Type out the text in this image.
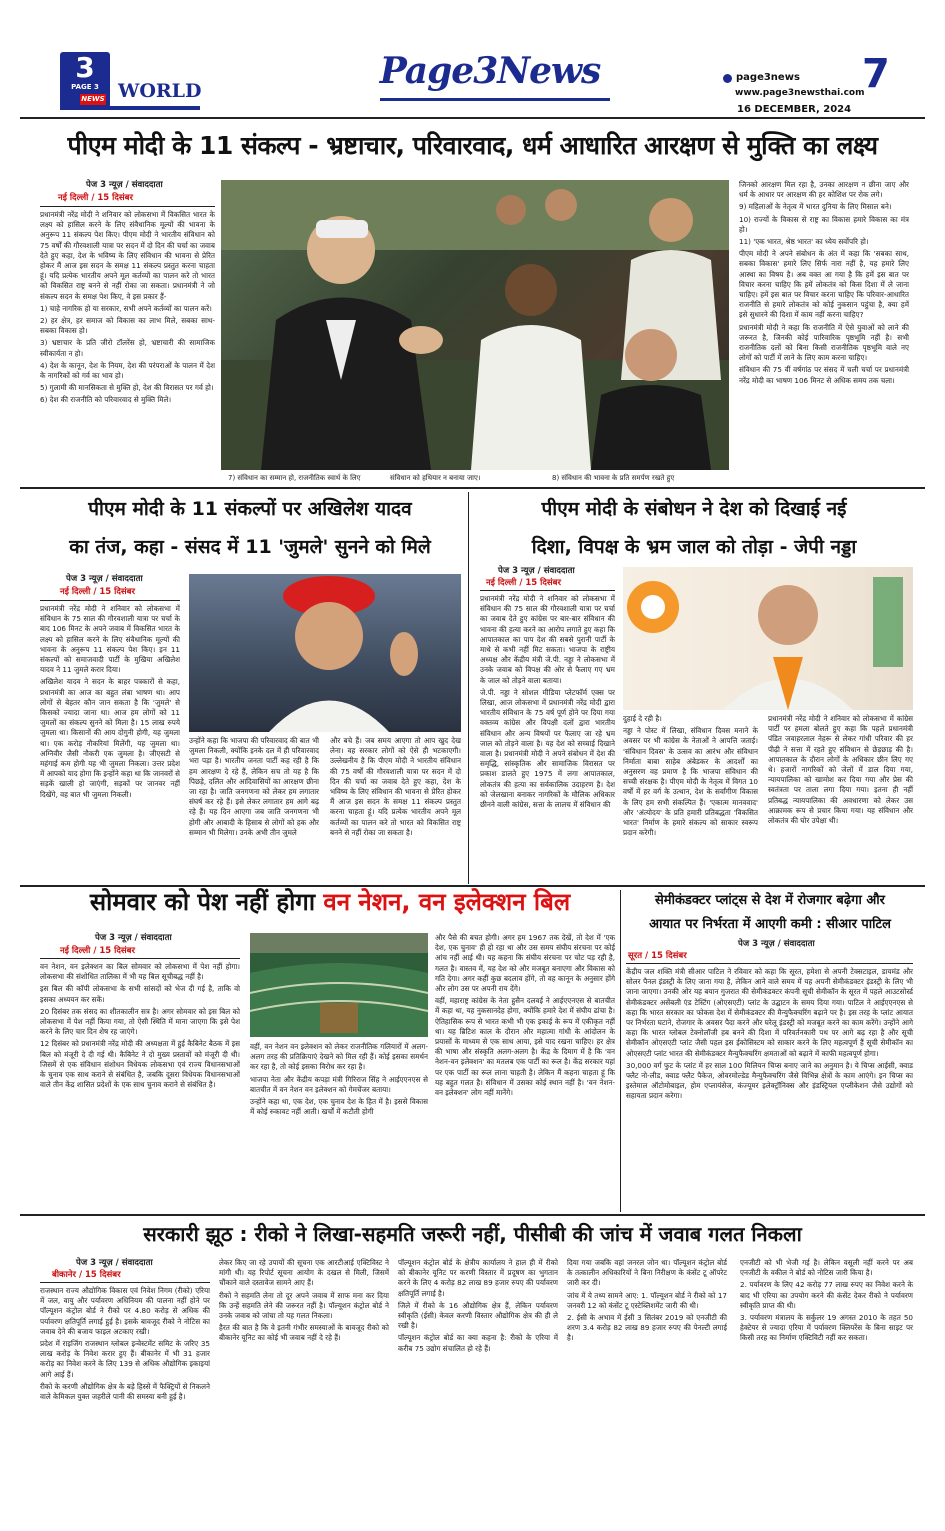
3
PAGE 3
NEWS WORLD	Page3News	page3news
www.page3newsthai.com
7
16 DECEMBER, 2024
पीएम मोदी के 11 संकल्प - भ्रष्टाचार, परिवारवाद, धर्म आधारित आरक्षण से मुक्ति का लक्ष्य
पेज 3 न्यूज़ / संवाददाता
नई दिल्ली / 15 दिसंबर

प्रधानमंत्री नरेंद्र मोदी ने शनिवार को लोकसभा में विकसित भारत के लक्ष्य को हासिल करने के लिए संवैधानिक मूल्यों की भावना के अनुरूप 11 संकल्प पेश किए। पीएम मोदी ने भारतीय संविधान को 75 वर्षों की गौरवशाली यात्रा पर सदन में दो दिन की चर्चा का जवाब देते हुए कहा, देश के भविष्य के लिए संविधान की भावना से प्रेरित होकर मैं आज इस सदन के समक्ष 11 संकल्प प्रस्तुत करना चाहता हूं। यदि प्रत्येक भारतीय अपने मूल कर्तव्यों का पालन करे तो भारत को विकसित राष्ट्र बनने से नहीं रोका जा सकता। प्रधानमंत्री ने जो संकल्प सदन के समक्ष पेश किए, वे इस प्रकार हैं-

1) चाहे नागरिक हो या सरकार, सभी अपने कर्तव्यों का पालन करें।

2) हर क्षेत्र, हर समाज को विकास का लाभ मिले, सबका साथ-सबका विकास हो।

3) भ्रष्टाचार के प्रति जीरो टॉलरेंस हो, भ्रष्टाचारी की सामाजिक स्वीकार्यता न हो।

4) देश के कानून, देश के नियम, देश की परंपराओं के पालन में देश के नागरिकों को गर्व का भाव हो।

5) गुलामी की मानसिकता से मुक्ति हो, देश की विरासत पर गर्व हो।

6) देश की राजनीति को परिवारवाद से मुक्ति मिले।

7) संविधान का सम्मान हो, राजनीतिक स्वार्थ के लिए	संविधान को हथियार न बनाया जाए।	8) संविधान की भावना के प्रति समर्पण रखते हुए

जिनको आरक्षण मिल रहा है, उनका आरक्षण न छीना जाए और धर्म के आधार पर आरक्षण की हर कोशिश पर रोक लगे।

9) महिलाओं के नेतृत्व में भारत दुनिया के लिए मिसाल बने।

10) राज्यों के विकास से राष्ट्र का विकास हमारे विकास का मंत्र हो।

11) 'एक भारत, श्रेष्ठ भारत' का ध्येय सर्वोपरि हो।

पीएम मोदी ने अपने संबोधन के अंत में कहा कि 'सबका साथ, सबका विकास' हमारे लिए सिर्फ नारा नहीं है, यह हमारे लिए आस्था का विषय है। अब वक्त आ गया है कि हमें इस बात पर विचार करना चाहिए कि हमें लोकतंत्र को किस दिशा में ले जाना चाहिए। हमें इस बात पर विचार करना चाहिए कि परिवार-आधारित राजनीति से हमारे लोकतंत्र को कोई नुकसान पहुंचा है, क्या हमें इसे सुधारने की दिशा में काम नहीं करना चाहिए?

प्रधानमंत्री मोदी ने कहा कि राजनीति में ऐसे युवाओं को लाने की जरूरत है, जिनकी कोई पारिवारिक पृष्ठभूमि नहीं है। सभी राजनीतिक दलों को बिना किसी राजनीतिक पृष्ठभूमि वाले नए लोगों को पार्टी में लाने के लिए काम करना चाहिए।

संविधान की 75 वीं वर्षगांठ पर संसद में चली चर्चा पर प्रधानमंत्री नरेंद्र मोदी का भाषण 106 मिनट से अधिक समय तक चला।

पीएम मोदी के 11 संकल्पों पर अखिलेश यादव
का तंज, कहा - संसद में 11 'जुमले' सुनने को मिले
पेज 3 न्यूज़ / संवाददाता
नई दिल्ली / 15 दिसंबर

प्रधानमंत्री नरेंद्र मोदी ने शनिवार को लोकसभा में संविधान के 75 साल की गौरवशाली यात्रा पर चर्चा के बाद 106 मिनट के अपने जवाब में विकसित भारत के लक्ष्य को हासिल करने के लिए संवैधानिक मूल्यों की भावना के अनुरूप 11 संकल्प पेश किए। इन 11 संकल्पों को समाजवादी पार्टी के मुखिया अखिलेश यादव ने 11 जुमले करार दिया।

अखिलेश यादव ने सदन के बाहर पत्रकारों से कहा, प्रधानमंत्री का आज का बहुत लंबा भाषण था। आप लोगों से बेहतर कौन जान सकता है कि 'जुमले' से किसको ज्यादा जाना था। आज हम लोगों को 11 जुमलों का संकल्प सुनने को मिला है। 15 लाख रुपये जुमला था। किसानों की आय दोगुनी होगी, यह जुमला था। एक करोड़ नौकरियां मिलेंगी, यह जुमला था। अग्निवीर जैसी नौकरी एक जुमला है। जीएसटी से महंगाई कम होगी यह भी जुमला निकला। उत्तर प्रदेश में आपको याद होगा कि इन्होंने कहा था कि जानवरों से सड़कें खाली हो जाएंगी, सड़कों पर जानवर नहीं दिखेंगे, वह बात भी जुमला निकली।

उन्होंने कहा कि भाजपा की परिवारवाद की बात भी जुमला निकली, क्योंकि इनके दल में ही परिवारवाद भरा पड़ा है। भारतीय जनता पार्टी कह रही है कि हम आरक्षण दे रहे हैं, लेकिन सच तो यह है कि पिछड़े, दलित और आदिवासियों का आरक्षण छीना जा रहा है। जाति जनगणना को लेकर हम लगातार संघर्ष कर रहे हैं। इसे लेकर लगातार हम आगे बढ़ रहे हैं। यह दिन आएगा जब जाति जनगणना भी होगी और आबादी के हिसाब से लोगों को हक और सम्मान भी मिलेगा। उनके अभी तीन जुमले

और बचे हैं। जब समय आएगा तो आप खुद देख लेना। वह सरकार लोगों को ऐसे ही भटकाएगी। उल्लेखनीय है कि पीएम मोदी ने भारतीय संविधान की 75 वर्षों की गौरवशाली यात्रा पर सदन में दो दिन की चर्चा का जवाब देते हुए कहा, देश के भविष्य के लिए संविधान की भावना से प्रेरित होकर मैं आज इस सदन के समक्ष 11 संकल्प प्रस्तुत करना चाहता हूं। यदि प्रत्येक भारतीय अपने मूल कर्तव्यों का पालन करे तो भारत को विकसित राष्ट्र बनने से नहीं रोका जा सकता है।

पीएम मोदी के संबोधन ने देश को दिखाई नई
दिशा, विपक्ष के भ्रम जाल को तोड़ा - जेपी नड्डा
पेज 3 न्यूज़ / संवाददाता
नई दिल्ली / 15 दिसंबर

प्रधानमंत्री नरेंद्र मोदी ने शनिवार को लोकसभा में संविधान की 75 साल की गौरवशाली यात्रा पर चर्चा का जवाब देते हुए कांग्रेस पर बार-बार संविधान की भावना की हत्या करने का आरोप लगाते हुए कहा कि आपातकाल का पाप देश की सबसे पुरानी पार्टी के माथे से कभी नहीं मिट सकता। भाजपा के राष्ट्रीय अध्यक्ष और केंद्रीय मंत्री जे.पी. नड्डा ने लोकसभा में उनके जवाब को विपक्ष की ओर से फैलाए गए भ्रम के जाल को तोड़ने वाला बताया।

जे.पी. नड्डा ने सोशल मीडिया प्लेटफॉर्म एक्स पर लिखा, आज लोकसभा में प्रधानमंत्री नरेंद्र मोदी द्वारा भारतीय संविधान के 75 वर्ष पूर्ण होने पर दिया गया वक्तव्य कांग्रेस और विपक्षी दलों द्वारा भारतीय संविधान और अन्य विषयों पर फैलाए जा रहे भ्रम जाल को तोड़ने वाला है। यह देश को सच्चाई दिखाने वाला है। प्रधानमंत्री मोदी ने अपने संबोधन में देश की समृद्धि, सांस्कृतिक और सामाजिक विरासत पर प्रकाश डालते हुए 1975 में लगा आपातकाल, लोकतंत्र की हत्या का सर्वकालिक उदाहरण है। देश को जेलखाना बनाकर नागरिकों के मौलिक अधिकार छीनने वाली कांग्रेस, सत्ता के लालच में संविधान की

दुहाई दे रही है।

नड्डा ने पोस्ट में लिखा, संविधान दिवस मनाने के अवसर पर भी कांग्रेस के नेताओं ने आपत्ति जताई। 'संविधान दिवस' के उत्सव का आरंभ और संविधान निर्माता बाबा साहेब अंबेडकर के आदर्शों का अनुसरण वह प्रमाण है कि भाजपा संविधान की सच्ची संरक्षक है। पीएम मोदी के नेतृत्व में विगत 10 वर्षों में हर वर्ग के उत्थान, देश के सर्वांगीण विकास के लिए हम सभी संकल्पित हैं। 'एकात्म मानववाद' और 'अंत्योदय' के प्रति हमारी प्रतिबद्धता 'विकसित भारत' निर्माण के हमारे संकल्प को साकार स्वरूप प्रदान करेगी।

प्रधानमंत्री नरेंद्र मोदी ने शनिवार को लोकसभा में कांग्रेस पार्टी पर हमला बोलते हुए कहा कि पहले प्रधानमंत्री पंडित जवाहरलाल नेहरू से लेकर गांधी परिवार की हर पीढ़ी ने सत्ता में रहते हुए संविधान से छेड़छाड़ की है। आपातकाल के दौरान लोगों के अधिकार छीन लिए गए थे। हजारों नागरिकों को जेलों में डाल दिया गया, न्यायपालिका को खामोश कर दिया गया और प्रेस की स्वतंत्रता पर ताला लगा दिया गया। इतना ही नहीं प्रतिबद्ध न्यायपालिका की अवधारणा को लेकर उस आक्रामक रूप से प्रचार किया गया। यह संविधान और लोकतंत्र की घोर उपेक्षा थी।

सोमवार को पेश नहीं होगा वन नेशन, वन इलेक्शन बिल
पेज 3 न्यूज़ / संवाददाता
नई दिल्ली / 15 दिसंबर

वन नेशन, वन इलेक्शन का बिल सोमवार को लोकसभा में पेश नहीं होगा। लोकसभा की संशोधित तालिका में भी यह बिल सूचीबद्ध नहीं है।

इस बिल की कॉपी लोकसभा के सभी सांसदों को भेज दी गई है, ताकि वो इसका अध्ययन कर सकें।

20 दिसंबर तक संसद का शीतकालीन सत्र है। अगर सोमवार को इस बिल को लोकसभा में पेश नहीं किया गया, तो ऐसी स्थिति में माना जाएगा कि इसे पेश करने के लिए चार दिन शेष रह जाएंगे।

12 दिसंबर को प्रधानमंत्री नरेंद्र मोदी की अध्यक्षता में हुई कैबिनेट बैठक में इस बिल को मंजूरी दे दी गई थी। कैबिनेट ने दो मुख्य प्रस्तावों को मंजूरी दी थी। जिसमें से एक संविधान संशोधन विधेयक लोकसभा एवं राज्य विधानसभाओं के चुनाव एक साथ कराने से संबंधित है, जबकि दूसरा विधेयक विधानसभाओं वाले तीन केंद्र शासित प्रदेशों के एक साथ चुनाव कराने से संबंधित है।

वहीं, वन नेशन वन इलेक्शन को लेकर राजनीतिक गलियारों में अलग-अलग तरह की प्रतिक्रियाएं देखने को मिल रही हैं। कोई इसका समर्थन कर रहा है, तो कोई इसका विरोध कर रहा है।

भाजपा नेता और केंद्रीय कपड़ा मंत्री गिरिराज सिंह ने आईएएनएस से बातचीत में वन नेशन वन इलेक्शन को गेमचेंजर बताया।

उन्होंने कहा था, एक देश, एक चुनाव देश के हित में है। इससे विकास में कोई रुकावट नहीं आती। खर्चों में कटौती होगी

और पैसे की बचत होगी। अगर हम 1967 तक देखें, तो देश में 'एक देश, एक चुनाव' ही हो रहा था और उस समय संघीय संरचना पर कोई आंच नहीं आई थी। यह कहना कि संघीय संरचना पर चोट पड़ रही है, गलत है। वास्तव में, यह देश को और मजबूत बनाएगा और विकास को गति देगा। अगर कहीं कुछ बदलाव होंगे, तो वह कानून के अनुसार होंगे और लोग उस पर अपनी राय देंगे।

वहीं, महाराष्ट्र कांग्रेस के नेता हुसैन दलवई ने आईएएनएस से बातचीत में कहा था, यह नुकसानदेह होगा, क्योंकि हमारे देश में संघीय ढांचा है। ऐतिहासिक रूप से भारत कभी भी एक इकाई के रूप में एकीकृत नहीं था। यह ब्रिटिश काल के दौरान और महात्मा गांधी के आंदोलन के प्रयासों के माध्यम से एक साथ आया, इसे याद रखना चाहिए। हर क्षेत्र की भाषा और संस्कृति अलग-अलग है। केंद्र के दिमाग में है कि 'वन नेशन-वन इलेक्शन' का मतलब एक पार्टी का रूल है। केंद्र सरकार यहां पर एक पार्टी का रूल लाना चाहती है। लेकिन मैं कहना चाहता हूं कि यह बहुत गलत है। संविधान में उसका कोई स्थान नहीं है। 'वन नेशन-वन इलेक्शन' लोग नहीं मानेंगे।

सेमीकंडक्टर प्लांट्स से देश में रोजगार बढ़ेगा और
आयात पर निर्भरता में आएगी कमी : सीआर पाटिल
पेज 3 न्यूज़ / संवाददाता
सूरत / 15 दिसंबर

केंद्रीय जल शक्ति मंत्री सीआर पाटिल ने रविवार को कहा कि सूरत, हमेशा से अपनी टेक्सटाइल, डायमंड और सोलर पैनल इंडस्ट्री के लिए जाना गया है, लेकिन आने वाले समय में यह अपनी सेमीकंडक्टर इंडस्ट्री के लिए भी जाना जाएगा। उनकी ओर यह बयान गुजरात की सेमीकंडक्टर कंपनी सूची सेमीकॉन के सूरत में पहले आउटसोर्स्ड सेमीकंडक्टर असेंबली एंड टेस्टिंग (ओएसएटी) प्लांट के उद्घाटन के समय दिया गया। पाटिल ने आईएएनएस से कहा कि भारत सरकार का फोकस देश में सेमीकंडक्टर की मैन्युफैक्चरिंग बढ़ाने पर है। इस तरह के प्लांट आयात पर निर्भरता घटाने, रोजगार के अवसर पैदा करने और घरेलू इंडस्ट्री को मजबूत करने का काम करेंगे। उन्होंने आगे कहा कि भारत ग्लोबल टेक्नोलॉजी हब बनने की दिशा में परिवर्तनकारी पथ पर आगे बढ़ रहा है और सूची सेमीकॉन ओएसएटी प्लांट जैसी पहल इस ईकोसिस्टम को साकार करने के लिए महत्वपूर्ण हैं सूची सेमीकॉन का ओएसएटी प्लांट भारत की सेमीकंडक्टर मैन्युफैक्चरिंग क्षमताओं को बढ़ाने में काफी महत्वपूर्ण होगा।

30,000 वर्ग फुट के प्लांट में हर साल 100 मिलियन चिप्स बनाए जाने का अनुमान है। ये चिप्स आईसी, क्वाड फ्लैट नो-लीड, क्वाड फ्लैट पैकेज, ओवरमोल्डेड मैन्युफैक्चरिंग जैसे विभिन्न क्षेत्रों के काम आएंगे। इन चिप्स का इस्तेमाल ऑटोमोबाइल, होम एप्लायंसेज, कंज्यूमर इलेक्ट्रॉनिक्स और इंडस्ट्रियल एप्लीकेशन जैसे उद्योगों को सहायता प्रदान करेगा।

सरकारी झूठ : रीको ने लिखा-सहमति जरूरी नहीं, पीसीबी की जांच में जवाब गलत निकला
पेज 3 न्यूज़ / संवाददाता
बीकानेर / 15 दिसंबर

राजस्थान राज्य औद्योगिक विकास एवं निवेश निगम (रीको) एरिया में जल, वायु और पर्यावरण अधिनियम की पालना नहीं होने पर पॉल्यूशन कंट्रोल बोर्ड ने रीको पर 4.80 करोड़ से अधिक की पर्यावरण क्षतिपूर्ति लगाई हुई है। इसके बावजूद रीको ने नोटिस का जवाब देने की बजाय फाइल अटकाए रखी।

प्रदेश में राइजिंग राजस्थान ग्लोबल इन्वेस्टमेंट समिट के जरिए 35 लाख करोड़ के निवेश करार हुए हैं। बीकानेर में भी 31 हजार करोड़ का निवेश करने के लिए 139 से अधिक औद्योगिक इकाइयां आगे आई हैं।

रीको के करणी औद्योगिक क्षेत्र के बड़े हिस्से में फैक्ट्रियों से निकलने वाले केमिकल युक्त जहरीले पानी की समस्या बनी हुई है।

लेकर किए जा रहे उपायों की सूचना एक आरटीआई एक्टिविस्ट ने मांगी थी। यह रिपोर्ट सूचना आयोग के दखल से मिली, जिसमें चौंकाने वाले दस्तावेज सामने आए हैं।

रीको ने सहमति लेना तो दूर अपने जवाब में साफ मना कर दिया कि उन्हें सहमति लेने की जरूरत नहीं है। पॉल्यूशन कंट्रोल बोर्ड ने उनके जवाब को जांचा तो यह गलत निकला।

हैरत की बात है कि वे इतनी गंभीर समस्याओं के बावजूद रीको को बीकानेर यूनिट का कोई भी जवाब नहीं दे रहे हैं।

पॉल्यूशन कंट्रोल बोर्ड के क्षेत्रीय कार्यालय ने हाल ही में रीको को बीकानेर यूनिट पर करणी विस्तार में प्रदूषण का भुगतान करने के लिए 4 करोड़ 82 लाख 89 हजार रुपए की पर्यावरण क्षतिपूर्ति लगाई है।

जिले में रीको के 16 औद्योगिक क्षेत्र हैं, लेकिन पर्यावरण स्वीकृति (ईसी) केवल करणी विस्तार औद्योगिक क्षेत्र की ही ले रखी है।

पॉल्यूशन कंट्रोल बोर्ड का क्या कहना है: रीको के एरिया में करीब 75 उद्योग संचालित हो रहे हैं।

दिया गया जबकि वहां जनरल जोन था। पॉल्यूशन कंट्रोल बोर्ड के तत्कालीन अधिकारियों ने बिना निरीक्षण के कंसेंट टू ऑपरेट जारी कर दी।

जांच में ये तथ्य सामने आए: 1. पॉल्यूशन बोर्ड ने रीको को 17 जनवरी 12 को कंसेंट टू एस्टेब्लिशमेंट जारी की थी।

2. ईसी के अभाव में ईसी 3 सितंबर 2019 को एनजीटी की शरण 3.4 करोड़ 82 लाख 89 हजार रुपए की पेनल्टी लगाई है।

एनजीटी को भी भेजी गई है। लेकिन वसूली नहीं करने पर अब एनजीटी के वकील ने बोर्ड को नोटिस जारी किया है।

2. पर्यावरण के लिए 42 करोड़ 77 लाख रुपए का निवेश करने के बाद भी एरिया का उपयोग करने की कंसेंट देकर रीको ने पर्यावरण स्वीकृति प्राप्त की थी।

3. पर्यावरण मंत्रालय के सर्कुलर 19 अगस्त 2010 के तहत 50 हेक्टेयर से ज्यादा एरिया में पर्यावरण क्लियरेंस के बिना साइट पर किसी तरह का निर्माण एक्टिविटी नहीं कर सकता।
